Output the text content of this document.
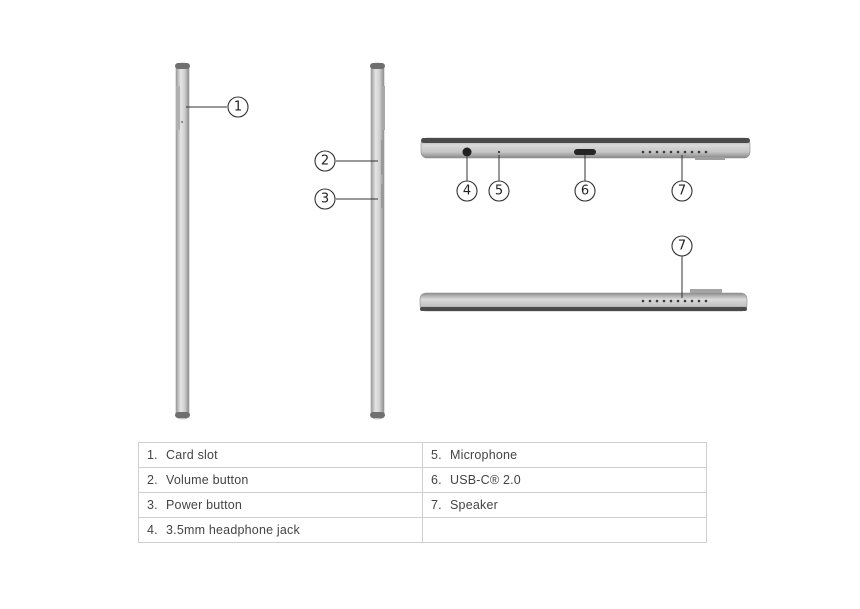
1
2
3
4 5	6	7
7
1. Card slot	5. Microphone
2. Volume button	6. USB-C® 2.0
3. Power button	7. Speaker
4. 3.5mm headphone jack	
